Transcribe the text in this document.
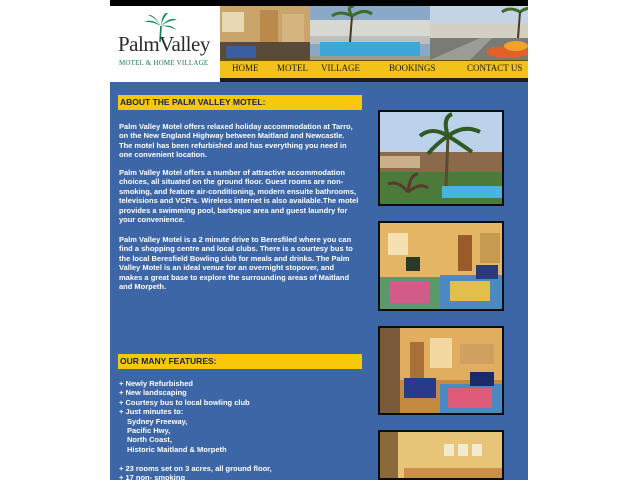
PalmValley
MOTEL & HOME VILLAGE	HOME MOTEL VILLAGE	BOOKINGS	CONTACT US
ABOUT THE PALM VALLEY MOTEL:

Palm Valley Motel offers relaxed holiday accommodation at Tarro, on the New England Highway between Maitland and Newcastle. The motel has been refurbished and has everything you need in one convenient location.

Palm Valley Motel offers a number of attractive accommodation choices, all situated on the ground floor. Guest rooms are non-smoking, and feature air-conditioning, modern ensuite bathrooms, televisions and VCR's. Wireless internet is also available.The motel provides a swimming pool, barbeque area and guest laundry for your convenience.

Palm Valley Motel is a 2 minute drive to Beresfiled where you can find a shopping centre and local clubs. There is a courtesy bus to the local Beresfield Bowling club for meals and drinks. The Palm Valley Motel is an ideal venue for an overnight stopover, and makes a great base to explore the surrounding areas of Maitland and Morpeth.

OUR MANY FEATURES:
+ Newly Refurbished
+ New landscaping
+ Courtesy bus to local bowling club
+ Just minutes to:
Sydney Freeway,
Pacific Hwy,
North Coast,
Historic Maitland & Morpeth

+ 23 rooms set on 3 acres, all ground floor,
+ 17 non- smoking
